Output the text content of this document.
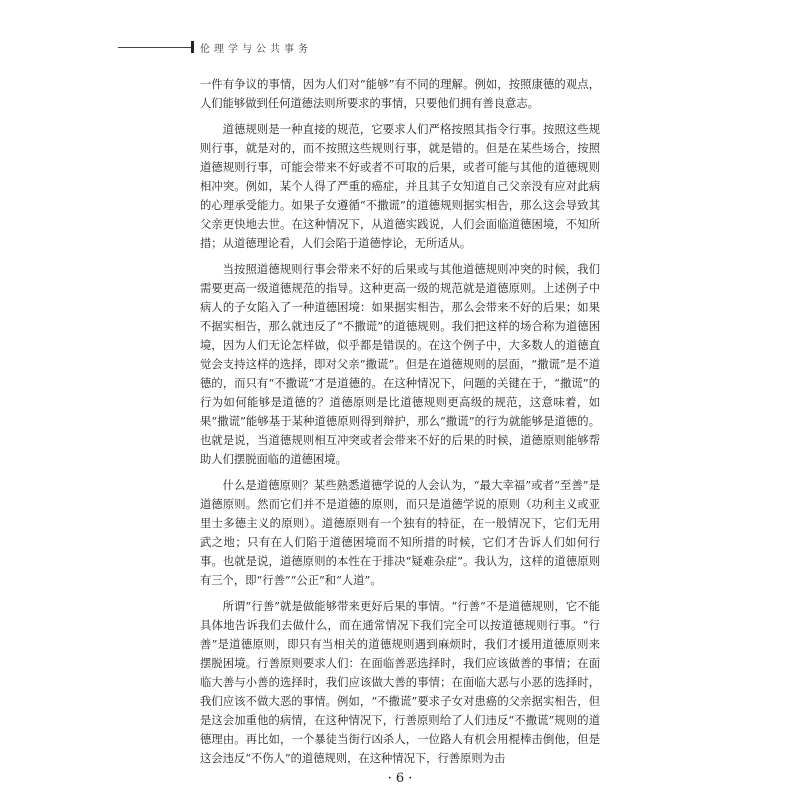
伦理学与公共事务

一件有争议的事情，因为人们对“能够”有不同的理解。例如，按照康德的观点，人们能够做到任何道德法则所要求的事情，只要他们拥有善良意志。

道德规则是一种直接的规范，它要求人们严格按照其指令行事。按照这些规则行事，就是对的，而不按照这些规则行事，就是错的。但是在某些场合，按照道德规则行事，可能会带来不好或者不可取的后果，或者可能与其他的道德规则相冲突。例如，某个人得了严重的癌症，并且其子女知道自己父亲没有应对此病的心理承受能力。如果子女遵循“不撒谎”的道德规则据实相告，那么这会导致其父亲更快地去世。在这种情况下，从道德实践说，人们会面临道德困境，不知所措；从道德理论看，人们会陷于道德悖论，无所适从。

当按照道德规则行事会带来不好的后果或与其他道德规则冲突的时候，我们需要更高一级道德规范的指导。这种更高一级的规范就是道德原则。上述例子中病人的子女陷入了一种道德困境：如果据实相告，那么会带来不好的后果；如果不据实相告，那么就违反了“不撒谎”的道德规则。我们把这样的场合称为道德困境，因为人们无论怎样做，似乎都是错误的。在这个例子中，大多数人的道德直觉会支持这样的选择，即对父亲“撒谎”。但是在道德规则的层面，“撒谎”是不道德的，而只有“不撒谎”才是道德的。在这种情况下，问题的关键在于，“撒谎”的行为如何能够是道德的？道德原则是比道德规则更高级的规范，这意味着，如果“撒谎”能够基于某种道德原则得到辩护，那么“撒谎”的行为就能够是道德的。也就是说，当道德规则相互冲突或者会带来不好的后果的时候，道德原则能够帮助人们摆脱面临的道德困境。

什么是道德原则？某些熟悉道德学说的人会认为，“最大幸福”或者“至善”是道德原则。然而它们并不是道德的原则，而只是道德学说的原则（功利主义或亚里士多德主义的原则）。道德原则有一个独有的特征，在一般情况下，它们无用武之地；只有在人们陷于道德困境而不知所措的时候，它们才告诉人们如何行事。也就是说，道德原则的本性在于排决“疑难杂症”。我认为，这样的道德原则有三个，即“行善”“公正”和“人道”。

所谓“行善”就是做能够带来更好后果的事情。“行善”不是道德规则，它不能具体地告诉我们去做什么，而在通常情况下我们完全可以按道德规则行事。“行善”是道德原则，即只有当相关的道德规则遇到麻烦时，我们才援用道德原则来摆脱困境。行善原则要求人们：在面临善恶选择时，我们应该做善的事情；在面临大善与小善的选择时，我们应该做大善的事情；在面临大恶与小恶的选择时，我们应该不做大恶的事情。例如，“不撒谎”要求子女对患癌的父亲据实相告，但是这会加重他的病情，在这种情况下，行善原则给了人们违反“不撒谎”规则的道德理由。再比如，一个暴徒当街行凶杀人，一位路人有机会用棍棒击倒他，但是这会违反“不伤人”的道德规则，在这种情况下，行善原则为击

· 6 ·
